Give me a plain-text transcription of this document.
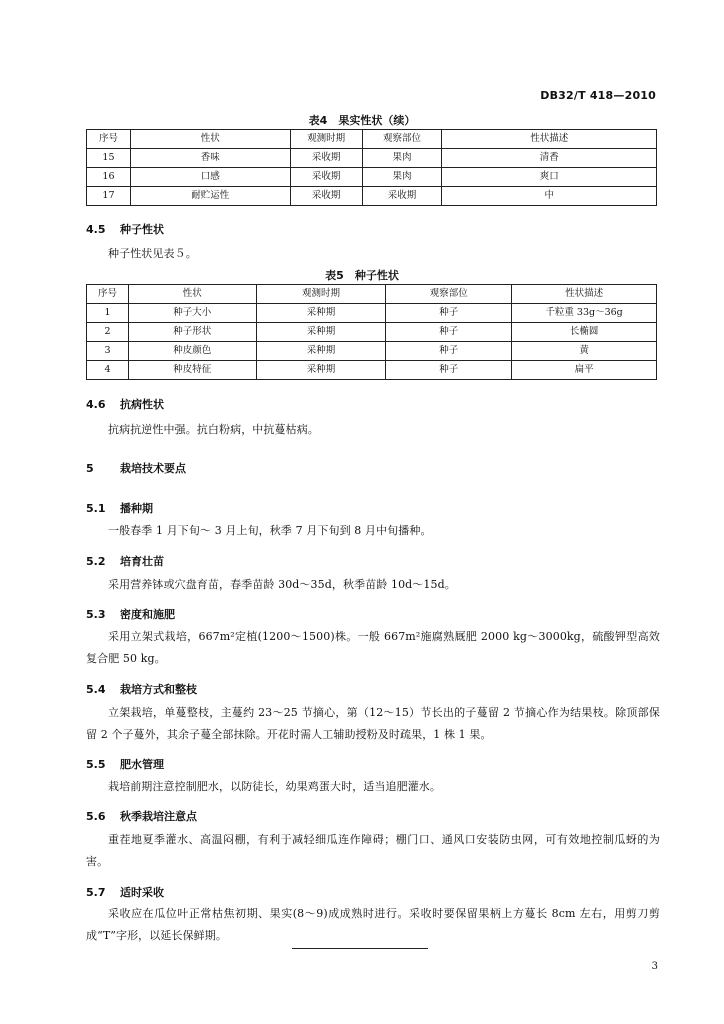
DB32/T 418—2010
表4　果实性状（续）
序号	性状	观测时期	观察部位	性状描述
15	香味	采收期	果肉	清香
16	口感	采收期	果肉	爽口
17	耐贮运性	采收期	采收期	中
4.5 种子性状
种子性状见表５。
表5　种子性状
序号	性状	观测时期	观察部位	性状描述
1	种子大小	采种期	种子	千粒重 33g～36g
2	种子形状	采种期	种子	长椭圆
3	种皮颜色	采种期	种子	黄
4	种皮特征	采种期	种子	扁平
4.6 抗病性状
抗病抗逆性中强。抗白粉病，中抗蔓枯病。
5 栽培技术要点
5.1 播种期
一般春季 1 月下旬～ 3 月上旬，秋季 7 月下旬到 8 月中旬播种。
5.2 培育壮苗
采用营养钵或穴盘育苗，春季苗龄 30d～35d，秋季苗龄 10d～15d。
5.3 密度和施肥
采用立架式栽培，667m²定植(1200～1500)株。一般 667m²施腐熟厩肥 2000 kg～3000kg，硫酸钾型高效复合肥 50 kg。
5.4 栽培方式和整枝
立架栽培，单蔓整枝，主蔓约 23～25 节摘心，第（12～15）节长出的子蔓留 2 节摘心作为结果枝。除顶部保留 2 个子蔓外，其余子蔓全部抹除。开花时需人工辅助授粉及时疏果，1 株 1 果。
5.5 肥水管理
栽培前期注意控制肥水，以防徒长，幼果鸡蛋大时，适当追肥灌水。
5.6 秋季栽培注意点
重茬地夏季灌水、高温闷棚，有利于减轻细瓜连作障碍；棚门口、通风口安装防虫网，可有效地控制瓜蚜的为害。
5.7 适时采收
采收应在瓜位叶正常枯焦初期、果实(8～9)成成熟时进行。采收时要保留果柄上方蔓长 8cm 左右，用剪刀剪成“T”字形，以延长保鲜期。
3
